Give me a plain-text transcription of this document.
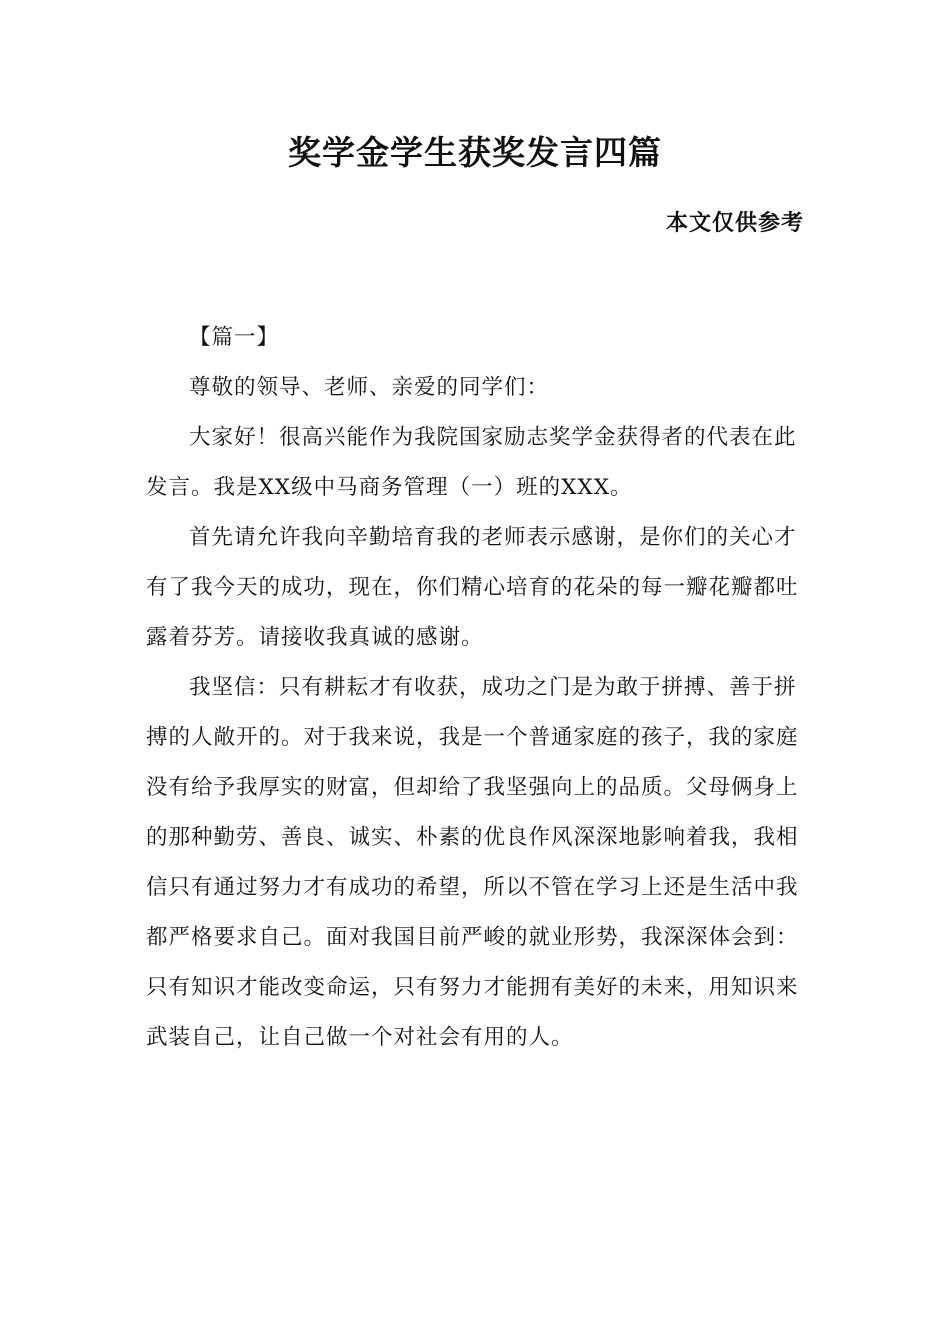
奖学金学生获奖发言四篇
本文仅供参考

【篇一】

尊敬的领导、老师、亲爱的同学们：

大家好！很高兴能作为我院国家励志奖学金获得者的代表在此发言。我是XX级中马商务管理（一）班的XXX。

首先请允许我向辛勤培育我的老师表示感谢，是你们的关心才有了我今天的成功，现在，你们精心培育的花朵的每一瓣花瓣都吐露着芬芳。请接收我真诚的感谢。

我坚信：只有耕耘才有收获，成功之门是为敢于拼搏、善于拼搏的人敞开的。对于我来说，我是一个普通家庭的孩子，我的家庭没有给予我厚实的财富，但却给了我坚强向上的品质。父母俩身上的那种勤劳、善良、诚实、朴素的优良作风深深地影响着我，我相信只有通过努力才有成功的希望，所以不管在学习上还是生活中我都严格要求自己。面对我国目前严峻的就业形势，我深深体会到：只有知识才能改变命运，只有努力才能拥有美好的未来，用知识来武装自己，让自己做一个对社会有用的人。
